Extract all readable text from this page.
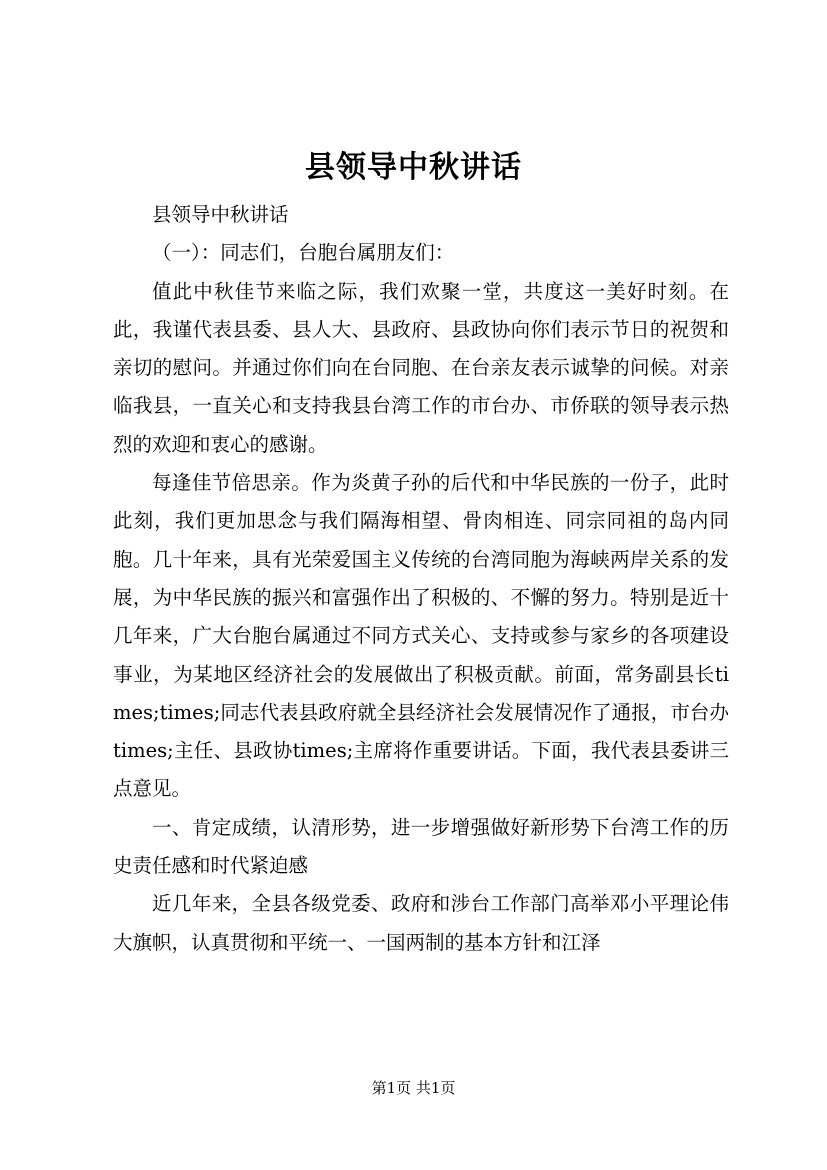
县领导中秋讲话

县领导中秋讲话

（一）：同志们，台胞台属朋友们：

值此中秋佳节来临之际，我们欢聚一堂，共度这一美好时刻。在此，我谨代表县委、县人大、县政府、县政协向你们表示节日的祝贺和亲切的慰问。并通过你们向在台同胞、在台亲友表示诚挚的问候。对亲临我县，一直关心和支持我县台湾工作的市台办、市侨联的领导表示热烈的欢迎和衷心的感谢。

每逢佳节倍思亲。作为炎黄子孙的后代和中华民族的一份子，此时此刻，我们更加思念与我们隔海相望、骨肉相连、同宗同祖的岛内同胞。几十年来，具有光荣爱国主义传统的台湾同胞为海峡两岸关系的发展，为中华民族的振兴和富强作出了积极的、不懈的努力。特别是近十几年来，广大台胞台属通过不同方式关心、支持或参与家乡的各项建设事业，为某地区经济社会的发展做出了积极贡献。前面，常务副县长times;times;同志代表县政府就全县经济社会发展情况作了通报，市台办times;主任、县政协times;主席将作重要讲话。下面，我代表县委讲三点意见。

一、肯定成绩，认清形势，进一步增强做好新形势下台湾工作的历史责任感和时代紧迫感

近几年来，全县各级党委、政府和涉台工作部门高举邓小平理论伟大旗帜，认真贯彻和平统一、一国两制的基本方针和江泽

第1页 共1页
